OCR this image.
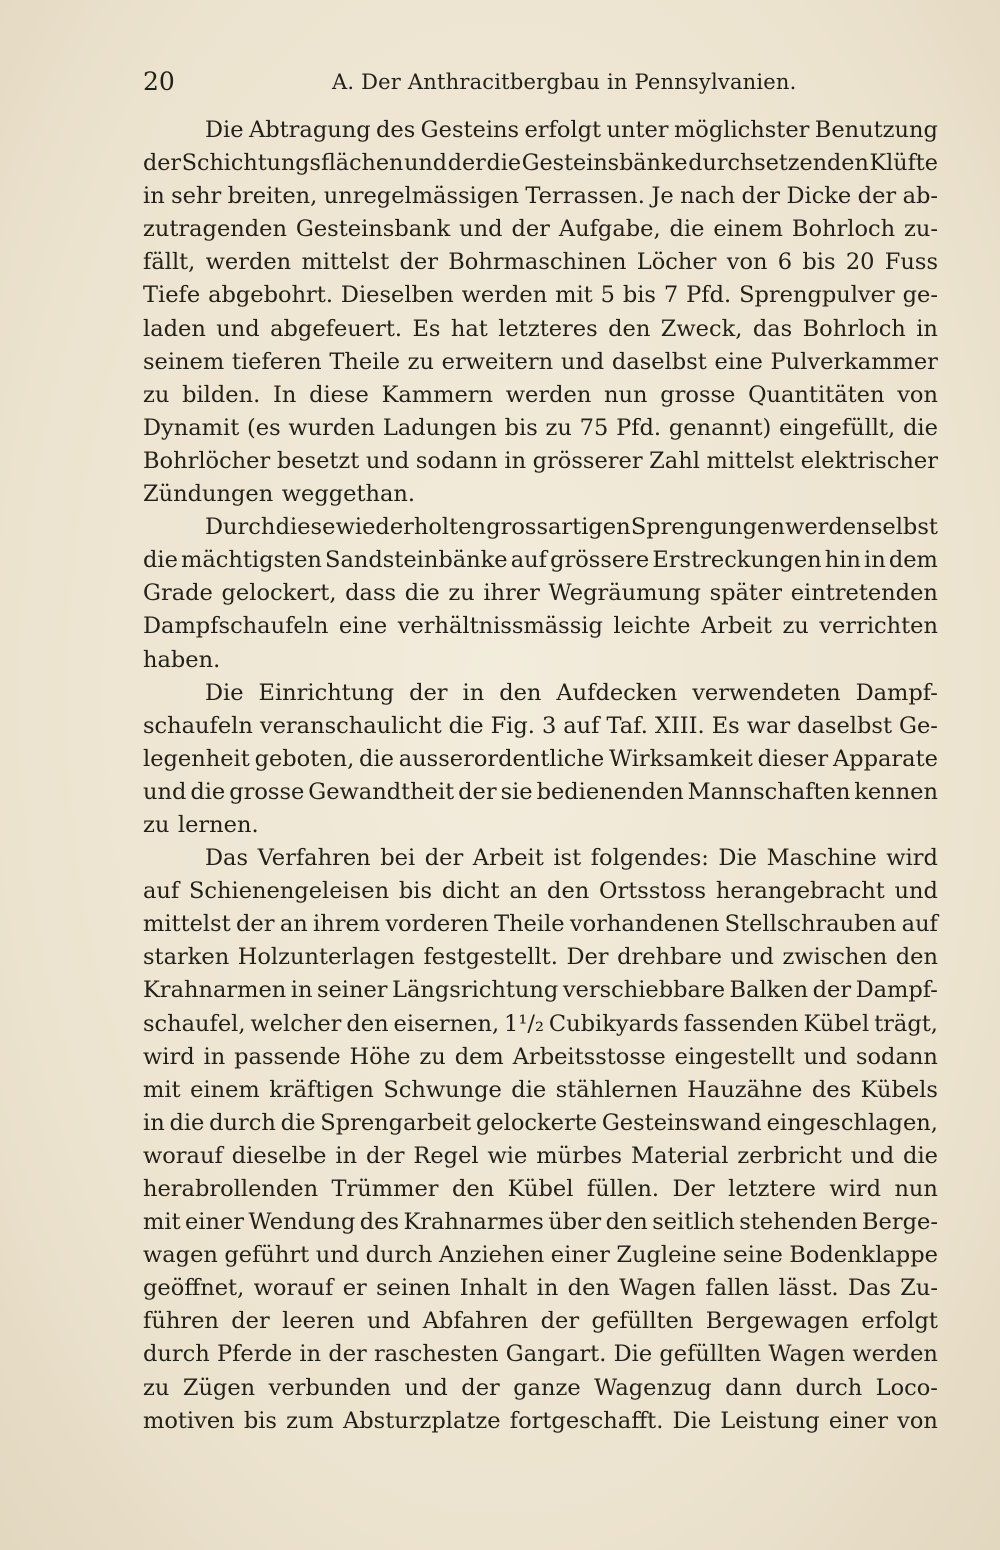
20	A. Der Anthracitbergbau in Pennsylvanien.
Die Abtragung des Gesteins erfolgt unter möglichster Benutzung
der Schichtungsflächen und der die Gesteinsbänke durchsetzenden Klüfte
in sehr breiten, unregelmässigen Terrassen. Je nach der Dicke der ab-
zutragenden Gesteinsbank und der Aufgabe, die einem Bohrloch zu-
fällt, werden mittelst der Bohrmaschinen Löcher von 6 bis 20 Fuss
Tiefe abgebohrt. Dieselben werden mit 5 bis 7 Pfd. Sprengpulver ge-
laden und abgefeuert. Es hat letzteres den Zweck, das Bohrloch in
seinem tieferen Theile zu erweitern und daselbst eine Pulverkammer
zu bilden. In diese Kammern werden nun grosse Quantitäten von
Dynamit (es wurden Ladungen bis zu 75 Pfd. genannt) eingefüllt, die
Bohrlöcher besetzt und sodann in grösserer Zahl mittelst elektrischer
Zündungen weggethan.
Durch diese wiederholten grossartigen Sprengungen werden selbst
die mächtigsten Sandsteinbänke auf grössere Erstreckungen hin in dem
Grade gelockert, dass die zu ihrer Wegräumung später eintretenden
Dampfschaufeln eine verhältnissmässig leichte Arbeit zu verrichten
haben.
Die Einrichtung der in den Aufdecken verwendeten Dampf-
schaufeln veranschaulicht die Fig. 3 auf Taf. XIII. Es war daselbst Ge-
legenheit geboten, die ausserordentliche Wirksamkeit dieser Apparate
und die grosse Gewandtheit der sie bedienenden Mannschaften kennen
zu lernen.
Das Verfahren bei der Arbeit ist folgendes: Die Maschine wird
auf Schienengeleisen bis dicht an den Ortsstoss herangebracht und
mittelst der an ihrem vorderen Theile vorhandenen Stellschrauben auf
starken Holzunterlagen festgestellt. Der drehbare und zwischen den
Krahnarmen in seiner Längsrichtung verschiebbare Balken der Dampf-
schaufel, welcher den eisernen, 1¹/₂ Cubikyards fassenden Kübel trägt,
wird in passende Höhe zu dem Arbeitsstosse eingestellt und sodann
mit einem kräftigen Schwunge die stählernen Hauzähne des Kübels
in die durch die Sprengarbeit gelockerte Gesteinswand eingeschlagen,
worauf dieselbe in der Regel wie mürbes Material zerbricht und die
herabrollenden Trümmer den Kübel füllen. Der letztere wird nun
mit einer Wendung des Krahnarmes über den seitlich stehenden Berge-
wagen geführt und durch Anziehen einer Zugleine seine Bodenklappe
geöffnet, worauf er seinen Inhalt in den Wagen fallen lässt. Das Zu-
führen der leeren und Abfahren der gefüllten Bergewagen erfolgt
durch Pferde in der raschesten Gangart. Die gefüllten Wagen werden
zu Zügen verbunden und der ganze Wagenzug dann durch Loco-
motiven bis zum Absturzplatze fortgeschafft. Die Leistung einer von
